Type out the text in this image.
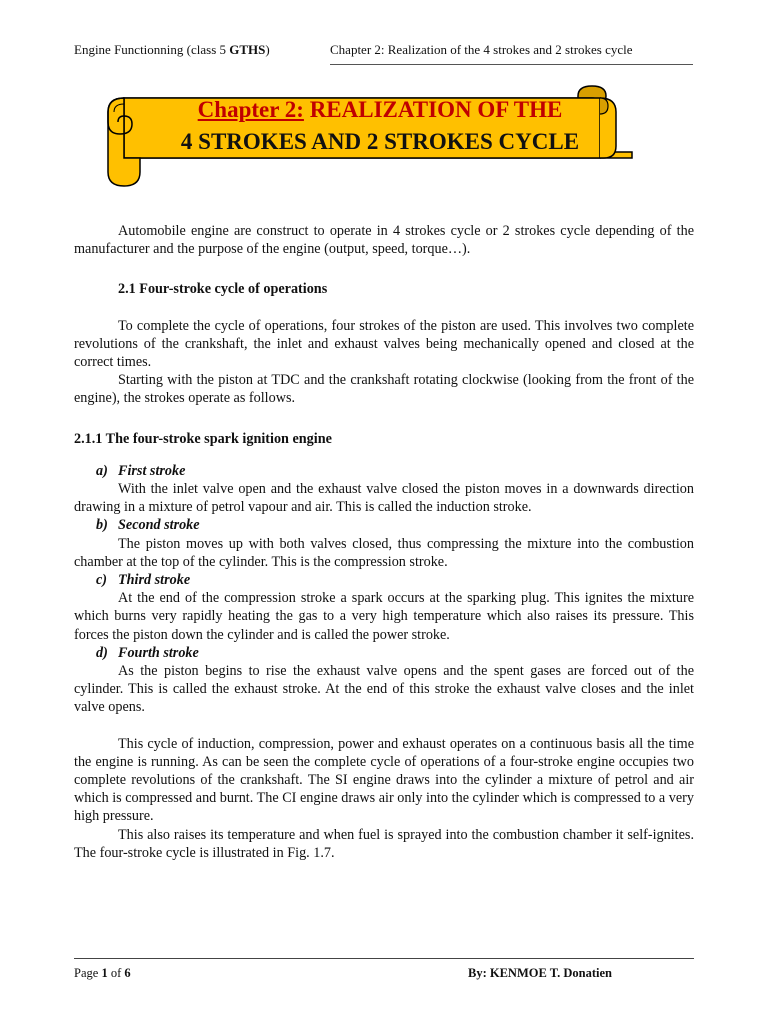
Engine Functionning (class 5 GTHS)	Chapter 2: Realization of the 4 strokes and 2 strokes cycle
Chapter 2: REALIZATION OF THE
4 STROKES AND 2 STROKES CYCLE

Automobile engine are construct to operate in 4 strokes cycle or 2 strokes cycle depending of the manufacturer and the purpose of the engine (output, speed, torque…).

2.1 Four-stroke cycle of operations

To complete the cycle of operations, four strokes of the piston are used. This involves two complete revolutions of the crankshaft, the inlet and exhaust valves being mechanically opened and closed at the correct times.

Starting with the piston at TDC and the crankshaft rotating clockwise (looking from the front of the engine), the strokes operate as follows.

2.1.1 The four-stroke spark ignition engine

a) First stroke

With the inlet valve open and the exhaust valve closed the piston moves in a downwards direction drawing in a mixture of petrol vapour and air. This is called the induction stroke.

b) Second stroke

The piston moves up with both valves closed, thus compressing the mixture into the combustion chamber at the top of the cylinder. This is the compression stroke.

c) Third stroke

At the end of the compression stroke a spark occurs at the sparking plug. This ignites the mixture which burns very rapidly heating the gas to a very high temperature which also raises its pressure. This forces the piston down the cylinder and is called the power stroke.

d) Fourth stroke

As the piston begins to rise the exhaust valve opens and the spent gases are forced out of the cylinder. This is called the exhaust stroke. At the end of this stroke the exhaust valve closes and the inlet valve opens.

This cycle of induction, compression, power and exhaust operates on a continuous basis all the time the engine is running. As can be seen the complete cycle of operations of a four-stroke engine occupies two complete revolutions of the crankshaft. The SI engine draws into the cylinder a mixture of petrol and air which is compressed and burnt. The CI engine draws air only into the cylinder which is compressed to a very high pressure.

This also raises its temperature and when fuel is sprayed into the combustion chamber it self-ignites. The four-stroke cycle is illustrated in Fig. 1.7.

Page 1 of 6	By: KENMOE T. Donatien
